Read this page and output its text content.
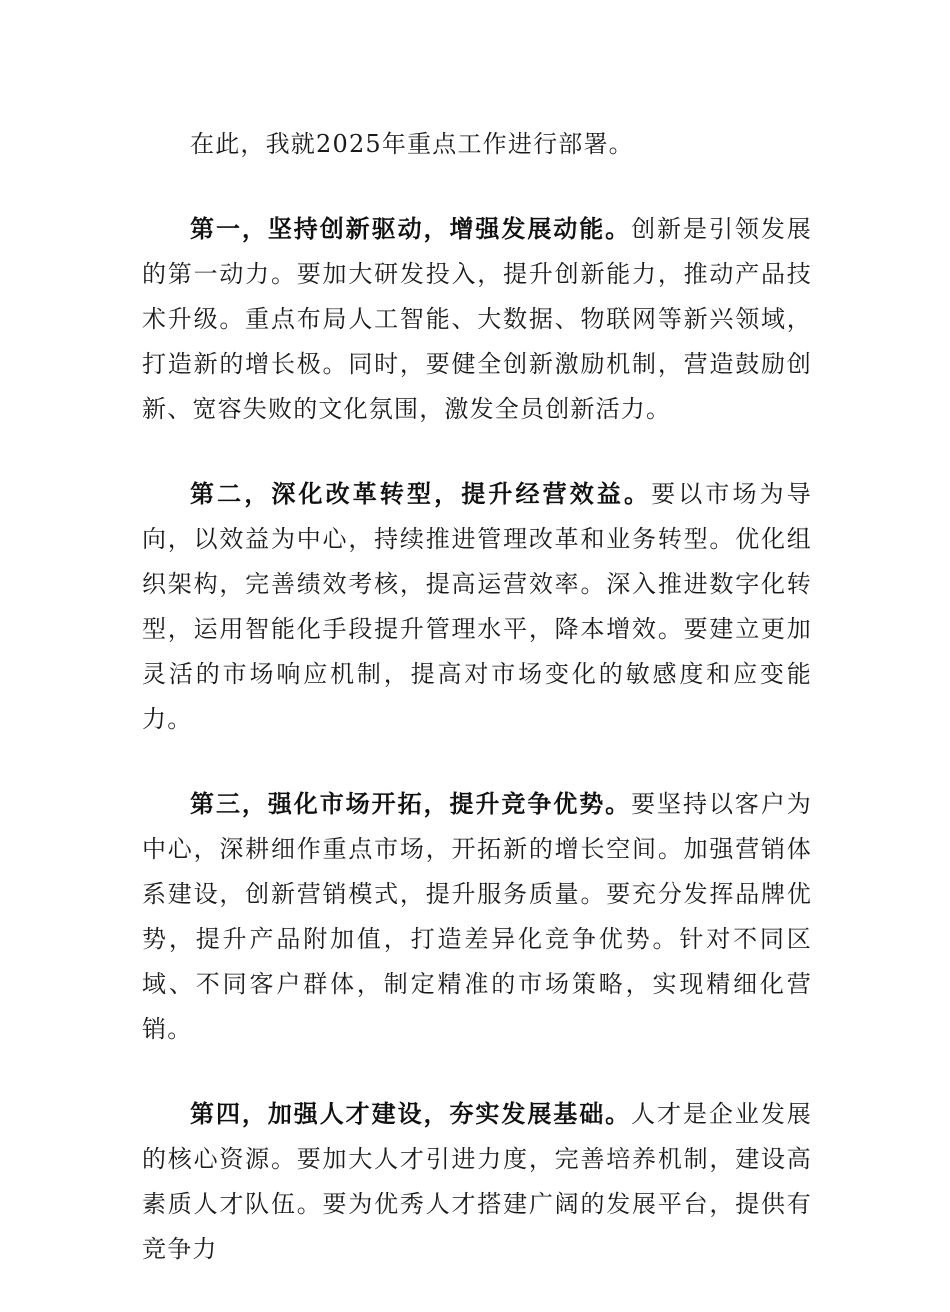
在此，我就2025年重点工作进行部署。

第一，坚持创新驱动，增强发展动能。创新是引领发展的第一动力。要加大研发投入，提升创新能力，推动产品技术升级。重点布局人工智能、大数据、物联网等新兴领域，打造新的增长极。同时，要健全创新激励机制，营造鼓励创新、宽容失败的文化氛围，激发全员创新活力。

第二，深化改革转型，提升经营效益。要以市场为导向，以效益为中心，持续推进管理改革和业务转型。优化组织架构，完善绩效考核，提高运营效率。深入推进数字化转型，运用智能化手段提升管理水平，降本增效。要建立更加灵活的市场响应机制，提高对市场变化的敏感度和应变能力。

第三，强化市场开拓，提升竞争优势。要坚持以客户为中心，深耕细作重点市场，开拓新的增长空间。加强营销体系建设，创新营销模式，提升服务质量。要充分发挥品牌优势，提升产品附加值，打造差异化竞争优势。针对不同区域、不同客户群体，制定精准的市场策略，实现精细化营销。

第四，加强人才建设，夯实发展基础。人才是企业发展的核心资源。要加大人才引进力度，完善培养机制，建设高素质人才队伍。要为优秀人才搭建广阔的发展平台，提供有竞争力
